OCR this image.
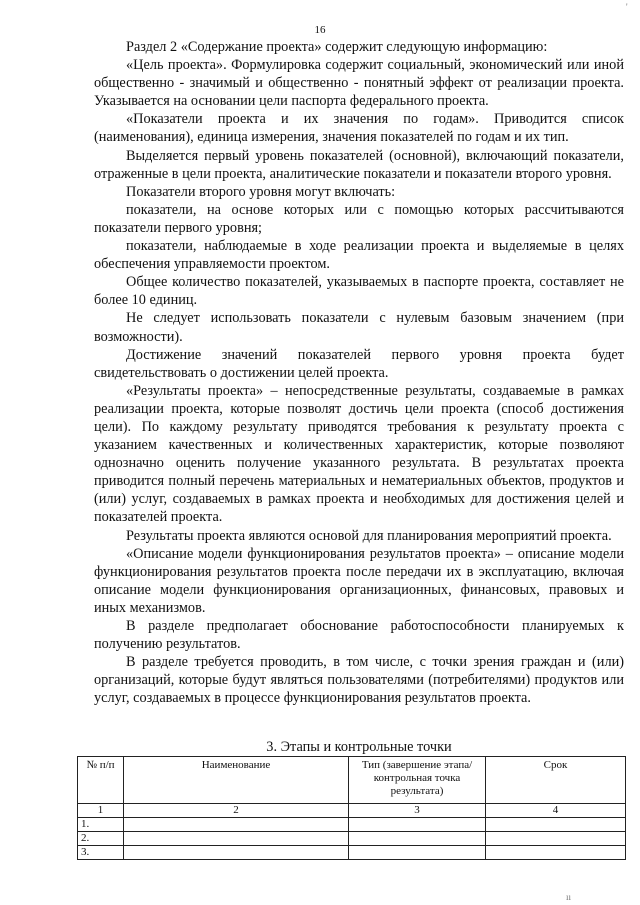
16

Раздел 2 «Содержание проекта» содержит следующую информацию:

«Цель проекта». Формулировка содержит социальный, экономический или иной общественно - значимый и общественно - понятный эффект от реализации проекта. Указывается на основании цели паспорта федерального проекта.

«Показатели проекта и их значения по годам». Приводится список (наименования), единица измерения, значения показателей по годам и их тип.

Выделяется первый уровень показателей (основной), включающий показатели, отраженные в цели проекта, аналитические показатели и показатели второго уровня.

Показатели второго уровня могут включать:

показатели, на основе которых или с помощью которых рассчитываются показатели первого уровня;

показатели, наблюдаемые в ходе реализации проекта и выделяемые в целях обеспечения управляемости проектом.

Общее количество показателей, указываемых в паспорте проекта, составляет не более 10 единиц.

Не следует использовать показатели с нулевым базовым значением (при возможности).

Достижение значений показателей первого уровня проекта будет свидетельствовать о достижении целей проекта.

«Результаты проекта» – непосредственные результаты, создаваемые в рамках реализации проекта, которые позволят достичь цели проекта (способ достижения цели). По каждому результату приводятся требования к результату проекта с указанием качественных и количественных характеристик, которые позволяют однозначно оценить получение указанного результата. В результатах проекта приводится полный перечень материальных и нематериальных объектов, продуктов и (или) услуг, создаваемых в рамках проекта и необходимых для достижения целей и показателей проекта.

Результаты проекта являются основой для планирования мероприятий проекта.

«Описание модели функционирования результатов проекта» – описание модели функционирования результатов проекта после передачи их в эксплуатацию, включая описание модели функционирования организационных, финансовых, правовых и иных механизмов.

В разделе предполагает обоснование работоспособности планируемых к получению результатов.

В разделе требуется проводить, в том числе, с точки зрения граждан и (или) организаций, которые будут являться пользователями (потребителями) продуктов или услуг, создаваемых в процессе функционирования результатов проекта.

3. Этапы и контрольные точки
№ п/п	Наименование	Тип (завершение этапа/контрольная точка результата)	Срок
1	2	3	4
1.			
2.			
3.			
'
ıı
